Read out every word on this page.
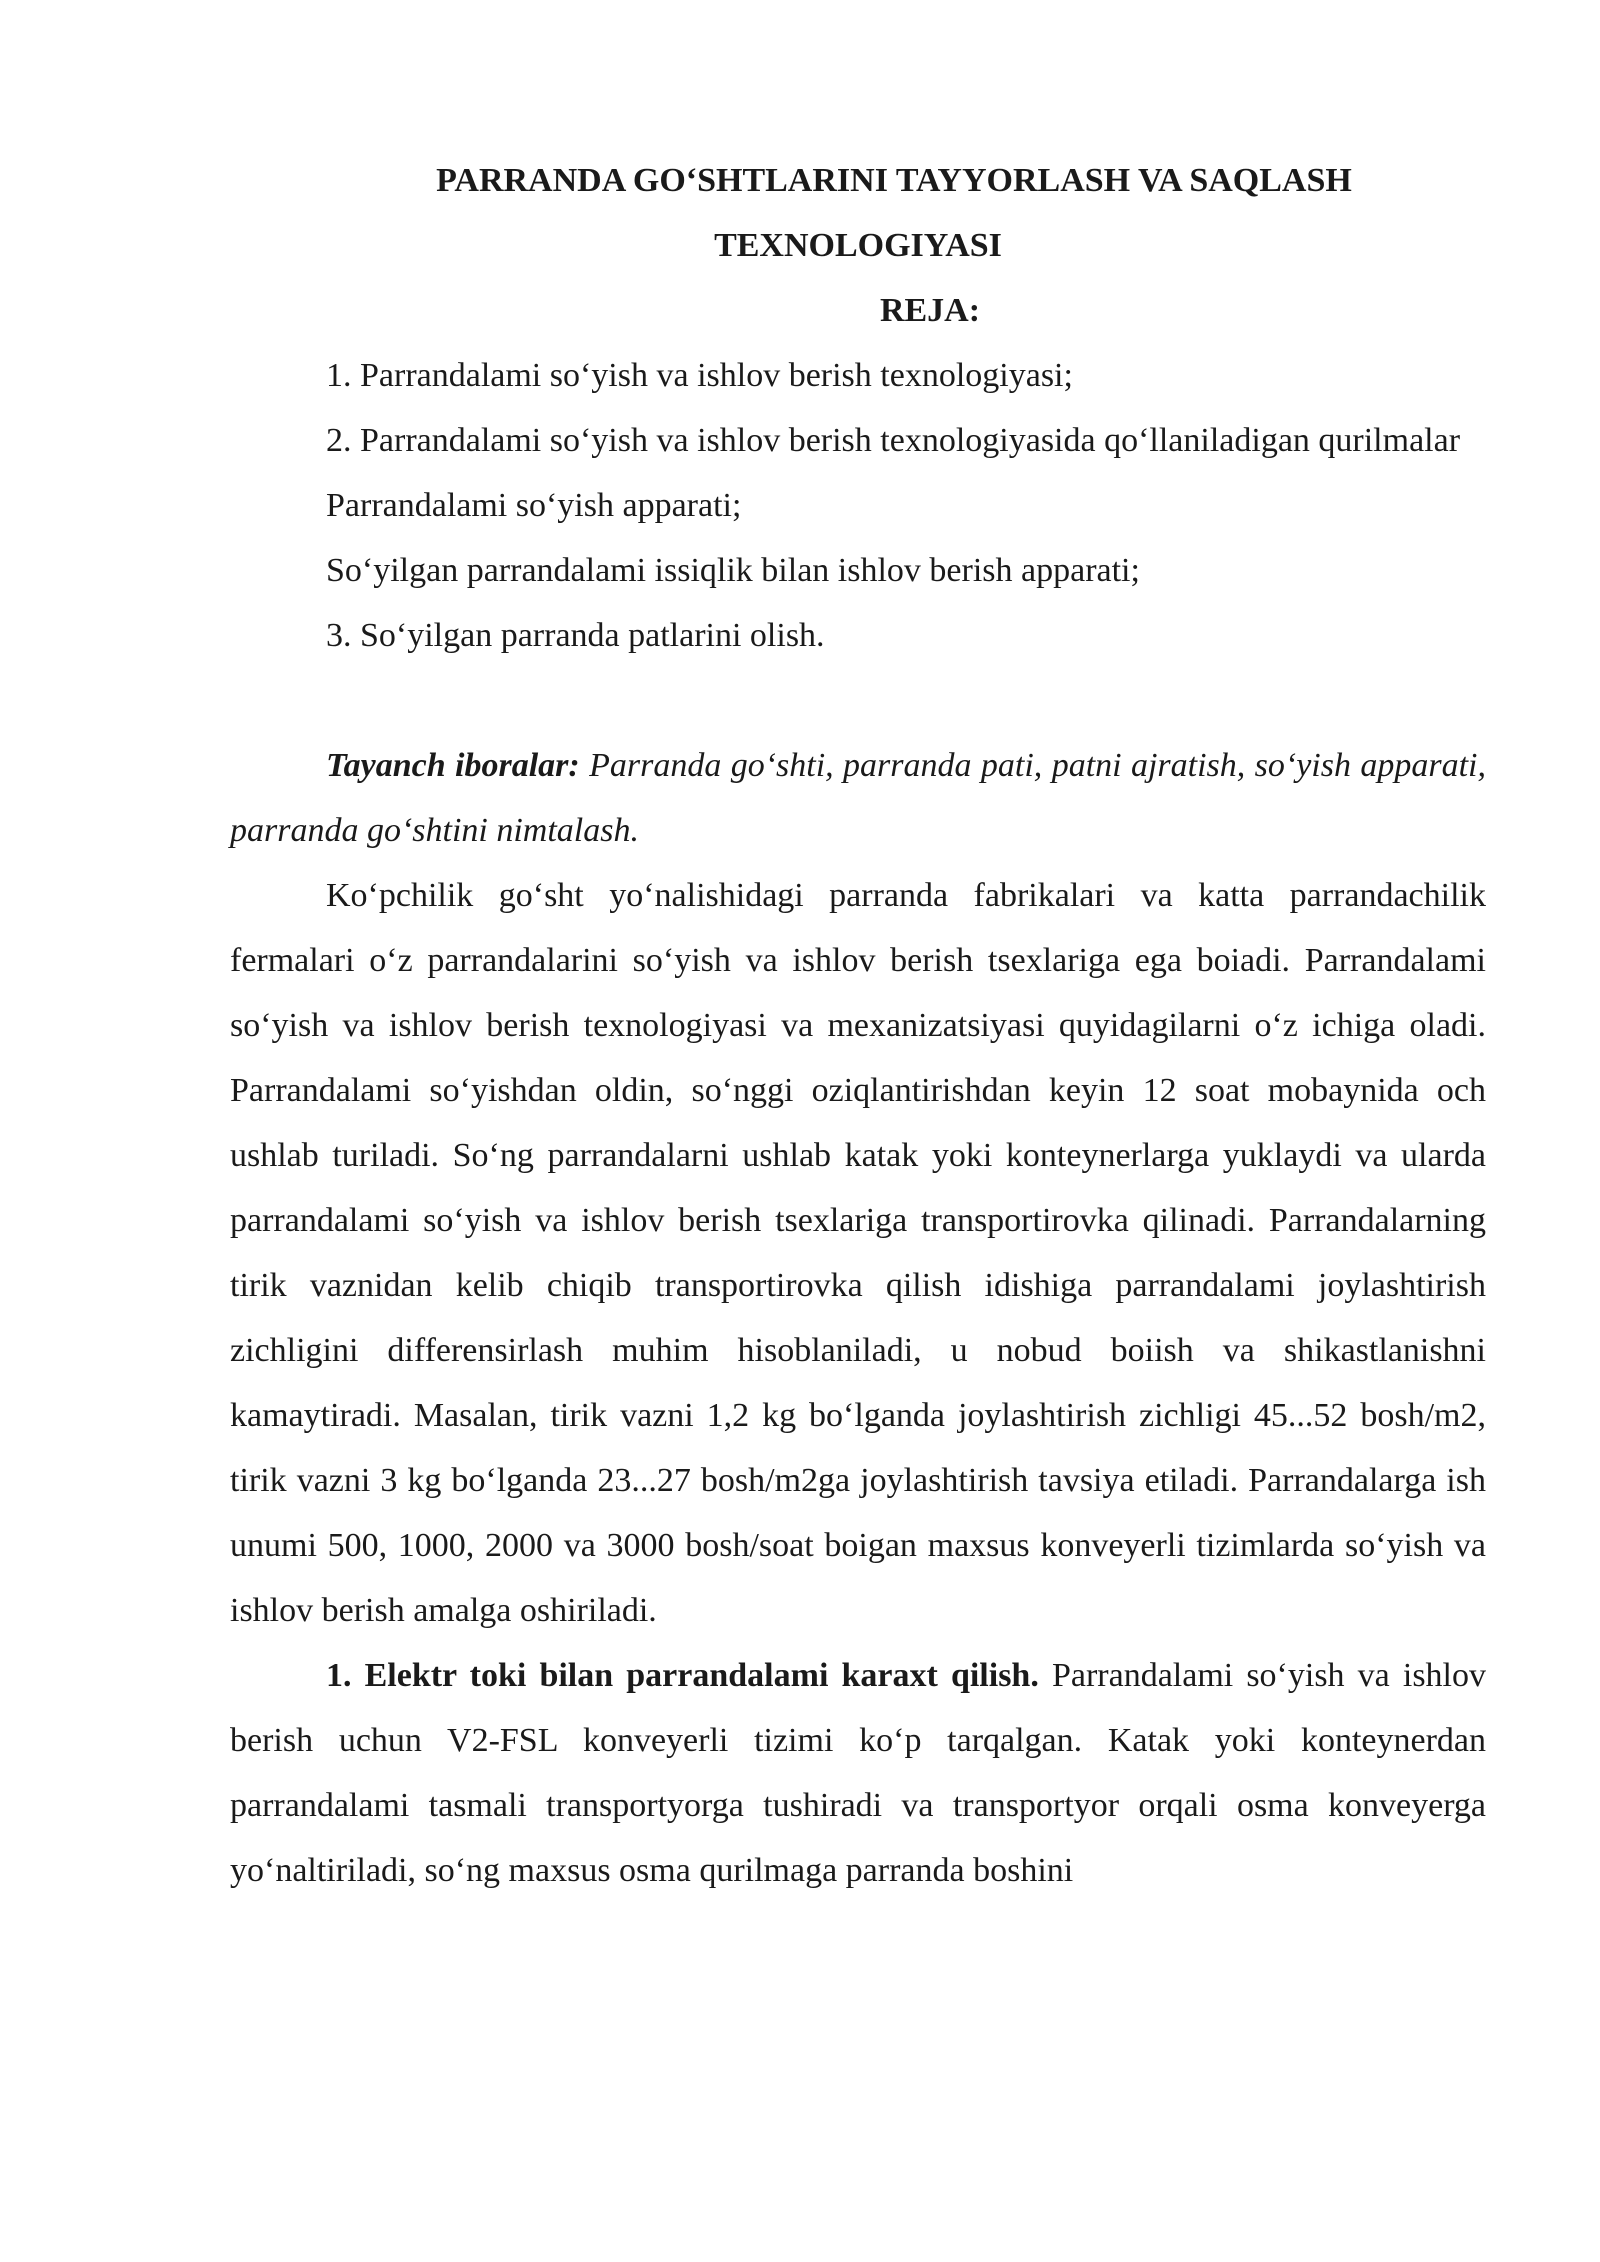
PARRANDA GO‘SHTLARINI TAYYORLASH VA SAQLASH

TEXNOLOGIYASI

REJA:

1. Parrandalami so‘yish va ishlov berish texnologiyasi;

2. Parrandalami so‘yish va ishlov berish texnologiyasida qo‘llaniladigan qurilmalar

Parrandalami so‘yish apparati;

So‘yilgan parrandalami issiqlik bilan ishlov berish apparati;

3. So‘yilgan parranda patlarini olish.

Tayanch iboralar: Parranda go‘shti, parranda pati, patni ajratish, so‘yish apparati, parranda go‘shtini nimtalash.

Ko‘pchilik go‘sht yo‘nalishidagi parranda fabrikalari va katta parrandachilik fermalari o‘z parrandalarini so‘yish va ishlov berish tsexlariga ega boiadi. Parrandalami so‘yish va ishlov berish texnologiyasi va mexanizatsiyasi quyidagilarni o‘z ichiga oladi. Parrandalami so‘yishdan oldin, so‘nggi oziqlantirishdan keyin 12 soat mobaynida och ushlab turiladi. So‘ng parrandalarni ushlab katak yoki konteynerlarga yuklaydi va ularda parrandalami so‘yish va ishlov berish tsexlariga transportirovka qilinadi. Parrandalarning tirik vaznidan kelib chiqib transportirovka qilish idishiga parrandalami joylashtirish zichligini differensirlash muhim hisoblaniladi, u nobud boiish va shikastlanishni kamaytiradi. Masalan, tirik vazni 1,2 kg bo‘lganda joylashtirish zichligi 45...52 bosh/m2, tirik vazni 3 kg bo‘lganda 23...27 bosh/m2ga joylashtirish tavsiya etiladi. Parrandalarga ish unumi 500, 1000, 2000 va 3000 bosh/soat boigan maxsus konveyerli tizimlarda so‘yish va ishlov berish amalga oshiriladi.

1. Elektr toki bilan parrandalami karaxt qilish. Parrandalami so‘yish va ishlov berish uchun V2-FSL konveyerli tizimi ko‘p tarqalgan. Katak yoki konteynerdan parrandalami tasmali transportyorga tushiradi va transportyor orqali osma konveyerga yo‘naltiriladi, so‘ng maxsus osma qurilmaga parranda boshini
